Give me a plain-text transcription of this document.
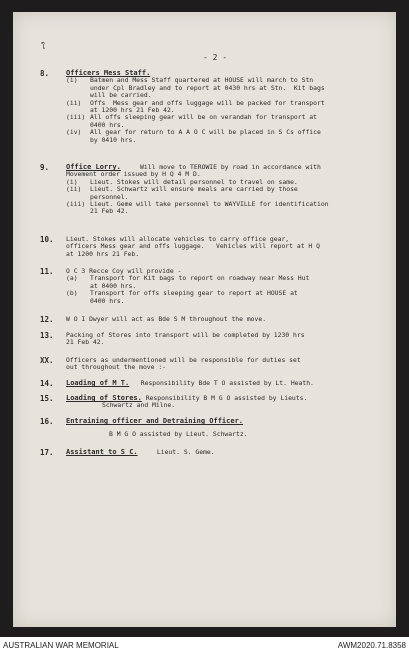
ใ
- 2 -
8. Officers Mess Staff.
(i) Batmen and Mess Staff quartered at HOUSE will march to Stn
under Cpl Bradley and to report at 0430 hrs at Stn.  Kit bags
will be carried.
(ii) Offs  Mess gear and offs luggage will be packed for transport
at 1200 hrs 21 Feb 42.
(iii) All offs sleeping gear will be on verandah for transport at
0400 hrs.
(iv) All gear for return to A A O C will be placed in S Cs office
by 0410 hrs.
9. Office Lorry.     Will move to TEROWIE by road in accordance with
Movement order issued by H Q 4 M D.
(i) Lieut. Stokes will detail personnel to travel on same.
(ii) Lieut. Schwartz will ensure meals are carried by those
personnel.
(iii) Lieut. Geme will take personnel to WAYVILLE for identification
21 Feb 42.
10. Lieut. Stokes will allocate vehicles to carry office gear,
officers Mess gear and offs luggage.   Vehicles will report at H Q
at 1200 hrs 21 Feb.
11. O C 3 Recce Coy will provide -
(a) Transport for Kit bags to report on roadway near Mess Hut
at 0400 hrs.
(b) Transport for offs sleeping gear to report at HOUSE at
0400 hrs.
12. W O I Dwyer will act as Bde S M throughout the move.
13. Packing of Stores into transport will be completed by 1230 hrs
21 Feb 42.
XX. Officers as undermentioned will be responsible for duties set
out throughout the move :-
14. Loading of M T.   Responsibility Bde T O assisted by Lt. Heath.
15. Loading of Stores. Responsibility B M G O assisted by Lieuts.
Schwartz and Milne.
16. Entraining officer and Detraining Officer.
B M G O assisted by Lieut. Schwartz.
17. Assistant to S C.     Lieut. S. Geme.
AUSTRALIAN WAR MEMORIAL	AWM2020.71.8358
